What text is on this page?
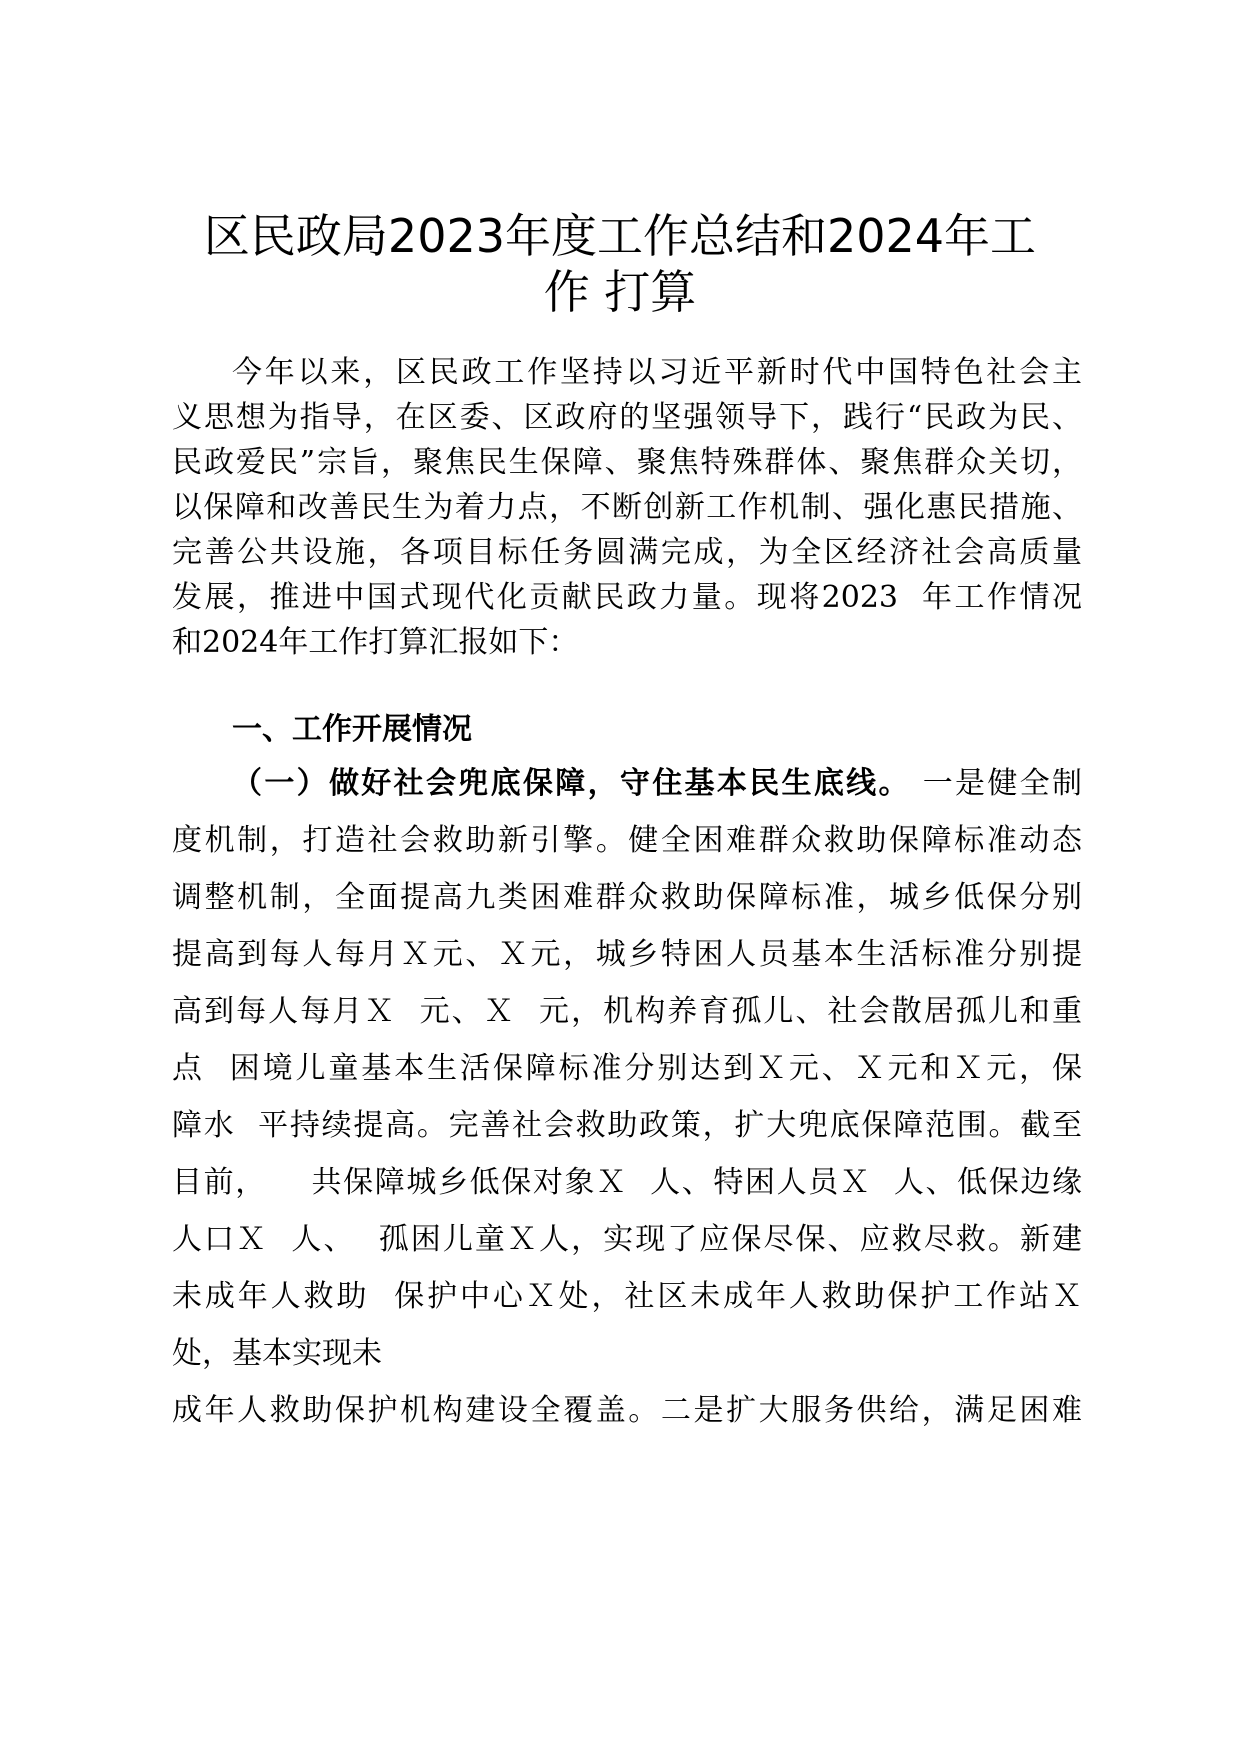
区民政局2023年度工作总结和2024年工
作 打算

今年以来，区民政工作坚持以习近平新时代中国特色社会主

义思想为指导，在区委、区政府的坚强领导下，践行“民政为民、

民政爱民”宗旨，聚焦民生保障、聚焦特殊群体、聚焦群众关切，

以保障和改善民生为着力点，不断创新工作机制、强化惠民措施、

完善公共设施，各项目标任务圆满完成，为全区经济社会高质量

发展，推进中国式现代化贡献民政力量。现将2023  年工作情况

和2024年工作打算汇报如下：

一、工作开展情况

（一）做好社会兜底保障，守住基本民生底线。 一是健全制

度机制，打造社会救助新引擎。健全困难群众救助保障标准动态

调整机制，全面提高九类困难群众救助保障标准，城乡低保分别

提高到每人每月Ｘ元、Ｘ元，城乡特困人员基本生活标准分别提

高到每人每月Ｘ  元、Ｘ  元，机构养育孤儿、社会散居孤儿和重

点  困境儿童基本生活保障标准分别达到Ｘ元、Ｘ元和Ｘ元，保

障水  平持续提高。完善社会救助政策，扩大兜底保障范围。截至

目前，    共保障城乡低保对象Ｘ  人、特困人员Ｘ  人、低保边缘

人口Ｘ  人、  孤困儿童Ｘ人，实现了应保尽保、应救尽救。新建

未成年人救助  保护中心Ｘ处，社区未成年人救助保护工作站Ｘ

处，基本实现未

成年人救助保护机构建设全覆盖。二是扩大服务供给，满足困难
